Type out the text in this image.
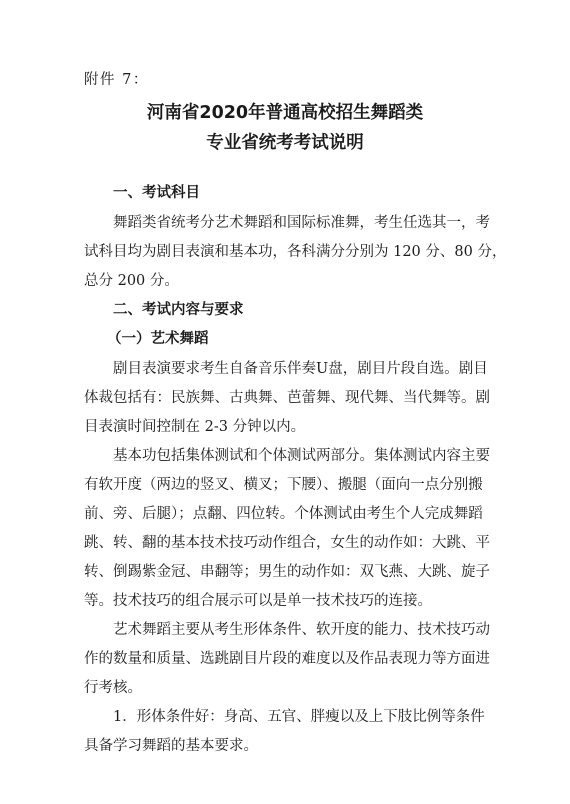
附件 7：
河南省2020年普通高校招生舞蹈类
专业省统考考试说明
一、考试科目
舞蹈类省统考分艺术舞蹈和国际标准舞，考生任选其一，考
试科目均为剧目表演和基本功，各科满分分别为 120 分、80 分，
总分 200 分。
二、考试内容与要求
（一）艺术舞蹈
剧目表演要求考生自备音乐伴奏U盘，剧目片段自选。剧目
体裁包括有：民族舞、古典舞、芭蕾舞、现代舞、当代舞等。剧
目表演时间控制在 2-3 分钟以内。
基本功包括集体测试和个体测试两部分。集体测试内容主要
有软开度（两边的竖叉、横叉；下腰）、搬腿（面向一点分别搬
前、旁、后腿）；点翻、四位转。个体测试由考生个人完成舞蹈
跳、转、翻的基本技术技巧动作组合，女生的动作如：大跳、平
转、倒踢紫金冠、串翻等；男生的动作如：双飞燕、大跳、旋子
等。技术技巧的组合展示可以是单一技术技巧的连接。
艺术舞蹈主要从考生形体条件、软开度的能力、技术技巧动
作的数量和质量、选跳剧目片段的难度以及作品表现力等方面进
行考核。
1．形体条件好：身高、五官、胖瘦以及上下肢比例等条件
具备学习舞蹈的基本要求。
